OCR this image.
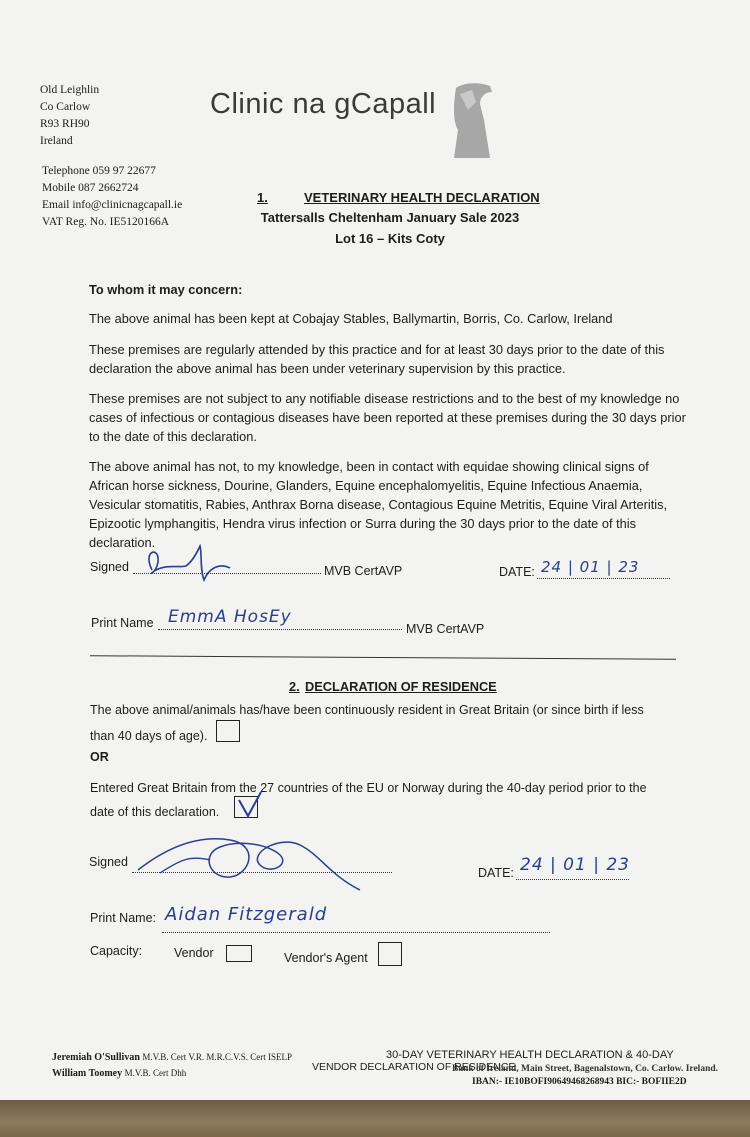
Old Leighlin
Co Carlow
R93 RH90
Ireland
Clinic na gCapall
Telephone 059 97 22677
Mobile 087 2662724
Email info@clinicnagcapall.ie
VAT Reg. No. IE5120166A
1.	VETERINARY HEALTH DECLARATION
Tattersalls Cheltenham January Sale 2023
Lot 16 – Kits Coty
To whom it may concern:
The above animal has been kept at Cobajay Stables, Ballymartin, Borris, Co. Carlow, Ireland
These premises are regularly attended by this practice and for at least 30 days prior to the date of this declaration the above animal has been under veterinary supervision by this practice.
These premises are not subject to any notifiable disease restrictions and to the best of my knowledge no cases of infectious or contagious diseases have been reported at these premises during the 30 days prior to the date of this declaration.
The above animal has not, to my knowledge, been in contact with equidae showing clinical signs of African horse sickness, Dourine, Glanders, Equine encephalomyelitis, Equine Infectious Anaemia, Vesicular stomatitis, Rabies, Anthrax Borna disease, Contagious Equine Metritis, Equine Viral Arteritis, Epizootic lymphangitis, Hendra virus infection or Surra during the 30 days prior to the date of this declaration.
Signed	MVB CertAVP	DATE: 24 | 01 | 23
Print Name EmmA HosEy
MVB CertAVP
2. DECLARATION OF RESIDENCE
The above animal/animals has/have been continuously resident in Great Britain (or since birth if less
than 40 days of age).
OR
Entered Great Britain from the 27 countries of the EU or Norway during the 40-day period prior to the
date of this declaration.
Signed
DATE: 24 | 01 | 23
Print Name: Aidan Fitzgerald
Capacity:	Vendor	Vendor's Agent
Jeremiah O'Sullivan M.V.B. Cert V.R. M.R.C.V.S. Cert ISELP
William Toomey M.V.B. Cert Dhh
30-DAY VETERINARY HEALTH DECLARATION & 40-DAY
VENDOR DECLARATION OF RESIDENCE
Bank of Ireland, Main Street, Bagenalstown, Co. Carlow. Ireland.
IBAN:- IE10BOFI90649468268943 BIC:- BOFIIE2D
